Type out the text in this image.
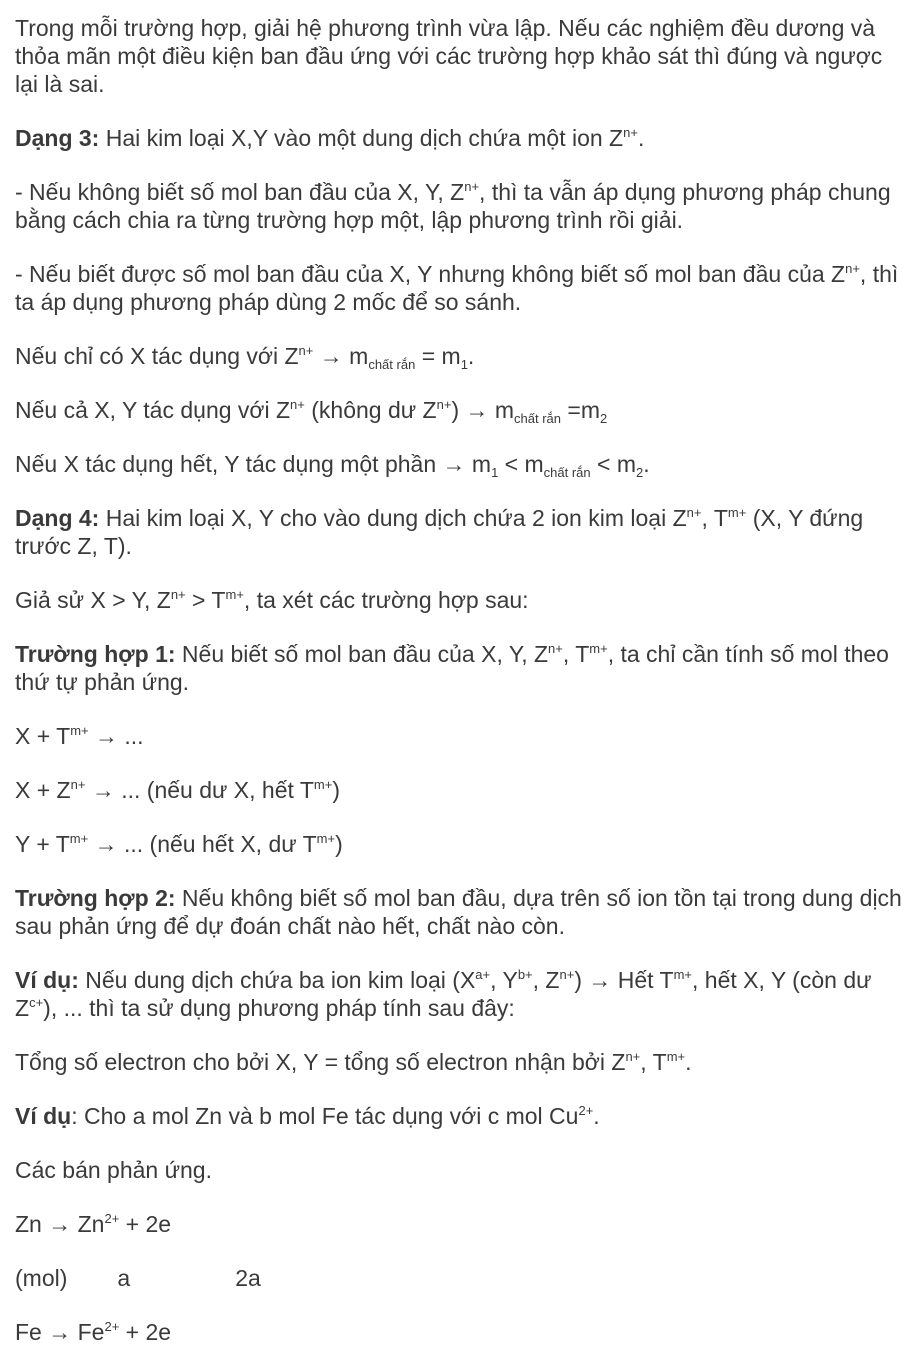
Trong mỗi trường hợp, giải hệ phương trình vừa lập. Nếu các nghiệm đều dương và thỏa mãn một điều kiện ban đầu ứng với các trường hợp khảo sát thì đúng và ngược lại là sai.

Dạng 3: Hai kim loại X,Y vào một dung dịch chứa một ion $Z^{n+}$.

- Nếu không biết số mol ban đầu của X, Y, $Z^{n+}$, thì ta vẫn áp dụng phương pháp chung bằng cách chia ra từng trường hợp một, lập phương trình rồi giải.

- Nếu biết được số mol ban đầu của X, Y nhưng không biết số mol ban đầu của $Z^{n+}$, thì ta áp dụng phương pháp dùng 2 mốc để so sánh.

Nếu chỉ có X tác dụng với $Z^{n+} \to m_{chất rắn} = m_1$.

Nếu cả X, Y tác dụng với $Z^{n+}$ (không dư $Z^{n+}) \to m_{chất rắn} =m_2$

Nếu X tác dụng hết, Y tác dụng một phần → $m_1 < m_{chất rắn} < m_2$.

Dạng 4: Hai kim loại X, Y cho vào dung dịch chứa 2 ion kim loại $Z^{n+}$, $T^{m+}$ (X, Y đứng trước Z, T).

Giả sử X > Y, $Z^{n+} > T^{m+}$, ta xét các trường hợp sau:

Trường hợp 1: Nếu biết số mol ban đầu của X, Y, $Z^{n+}$, $T^{m+}$, ta chỉ cần tính số mol theo thứ tự phản ứng.

$X + T^{m+}$ → ...

$X + Z^{n+}$ → ... (nếu dư X, hết $T^{m+}$)

$Y + T^{m+}$ → ... (nếu hết X, dư $T^{m+}$)

Trường hợp 2: Nếu không biết số mol ban đầu, dựa trên số ion tồn tại trong dung dịch sau phản ứng để dự đoán chất nào hết, chất nào còn.

Ví dụ: Nếu dung dịch chứa ba ion kim loại ($X^{a+}$, $Y^{b+}$, $Z^{n+}$) → Hết $T^{m+}$, hết X, Y (còn dư $Z^{c+}$), ... thì ta sử dụng phương pháp tính sau đây:

Tổng số electron cho bởi X, Y = tổng số electron nhận bởi $Z^{n+}$, $T^{m+}$.

Ví dụ: Cho a mol Zn và b mol Fe tác dụng với c mol $Cu^{2+}$.

Các bán phản ứng.

$Zn \to Zn^{2+} + 2e$

(mol) a	2a

$Fe \to Fe^{2+} + 2e$
